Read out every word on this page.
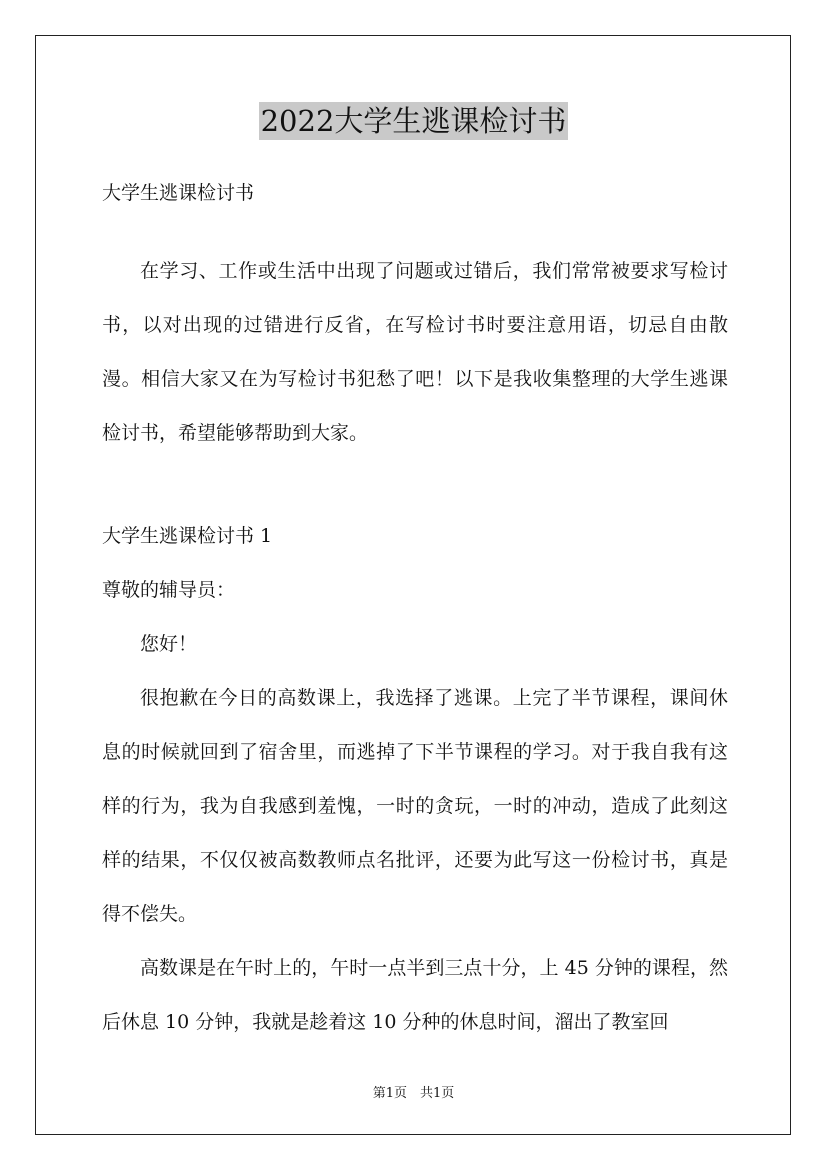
2022大学生逃课检讨书
大学生逃课检讨书

在学习、工作或生活中出现了问题或过错后，我们常常被要求写检讨书，以对出现的过错进行反省，在写检讨书时要注意用语，切忌自由散漫。相信大家又在为写检讨书犯愁了吧！以下是我收集整理的大学生逃课检讨书，希望能够帮助到大家。

大学生逃课检讨书 1
尊敬的辅导员：
您好！

很抱歉在今日的高数课上，我选择了逃课。上完了半节课程，课间休息的时候就回到了宿舍里，而逃掉了下半节课程的学习。对于我自我有这样的行为，我为自我感到羞愧，一时的贪玩，一时的冲动，造成了此刻这样的结果，不仅仅被高数教师点名批评，还要为此写这一份检讨书，真是得不偿失。

高数课是在午时上的，午时一点半到三点十分，上 45 分钟的课程，然后休息 10 分钟，我就是趁着这 10 分种的休息时间，溜出了教室回

第1页　共1页
